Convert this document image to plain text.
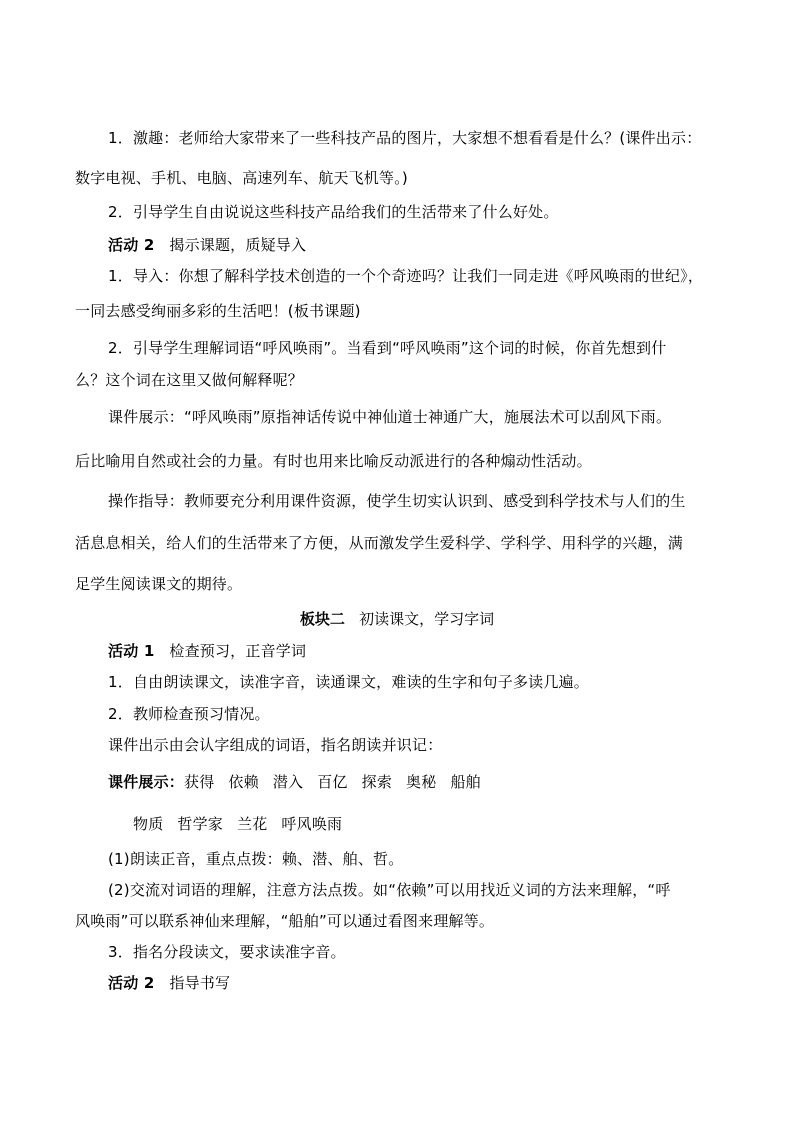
1．激趣：老师给大家带来了一些科技产品的图片，大家想不想看看是什么？(课件出示：
数字电视、手机、电脑、高速列车、航天飞机等。)
2．引导学生自由说说这些科技产品给我们的生活带来了什么好处。
活动 2 揭示课题，质疑导入
1．导入：你想了解科学技术创造的一个个奇迹吗？让我们一同走进《呼风唤雨的世纪》，
一同去感受绚丽多彩的生活吧！(板书课题)
2．引导学生理解词语“呼风唤雨”。当看到“呼风唤雨”这个词的时候，你首先想到什
么？这个词在这里又做何解释呢？
课件展示：“呼风唤雨”原指神话传说中神仙道士神通广大，施展法术可以刮风下雨。
后比喻用自然或社会的力量。有时也用来比喻反动派进行的各种煽动性活动。
操作指导：教师要充分利用课件资源，使学生切实认识到、感受到科学技术与人们的生
活息息相关，给人们的生活带来了方便，从而激发学生爱科学、学科学、用科学的兴趣，满
足学生阅读课文的期待。
板块二 初读课文，学习字词
活动 1 检查预习，正音学词
1．自由朗读课文，读准字音，读通课文，难读的生字和句子多读几遍。
2．教师检查预习情况。
课件出示由会认字组成的词语，指名朗读并识记：
课件展示：获得 依赖 潜入 百亿 探索 奥秘 船舶
物质 哲学家 兰花 呼风唤雨
(1)朗读正音，重点点拨：赖、潜、舶、哲。
(2)交流对词语的理解，注意方法点拨。如“依赖”可以用找近义词的方法来理解，“呼
风唤雨”可以联系神仙来理解，“船舶”可以通过看图来理解等。
3．指名分段读文，要求读准字音。
活动 2 指导书写
